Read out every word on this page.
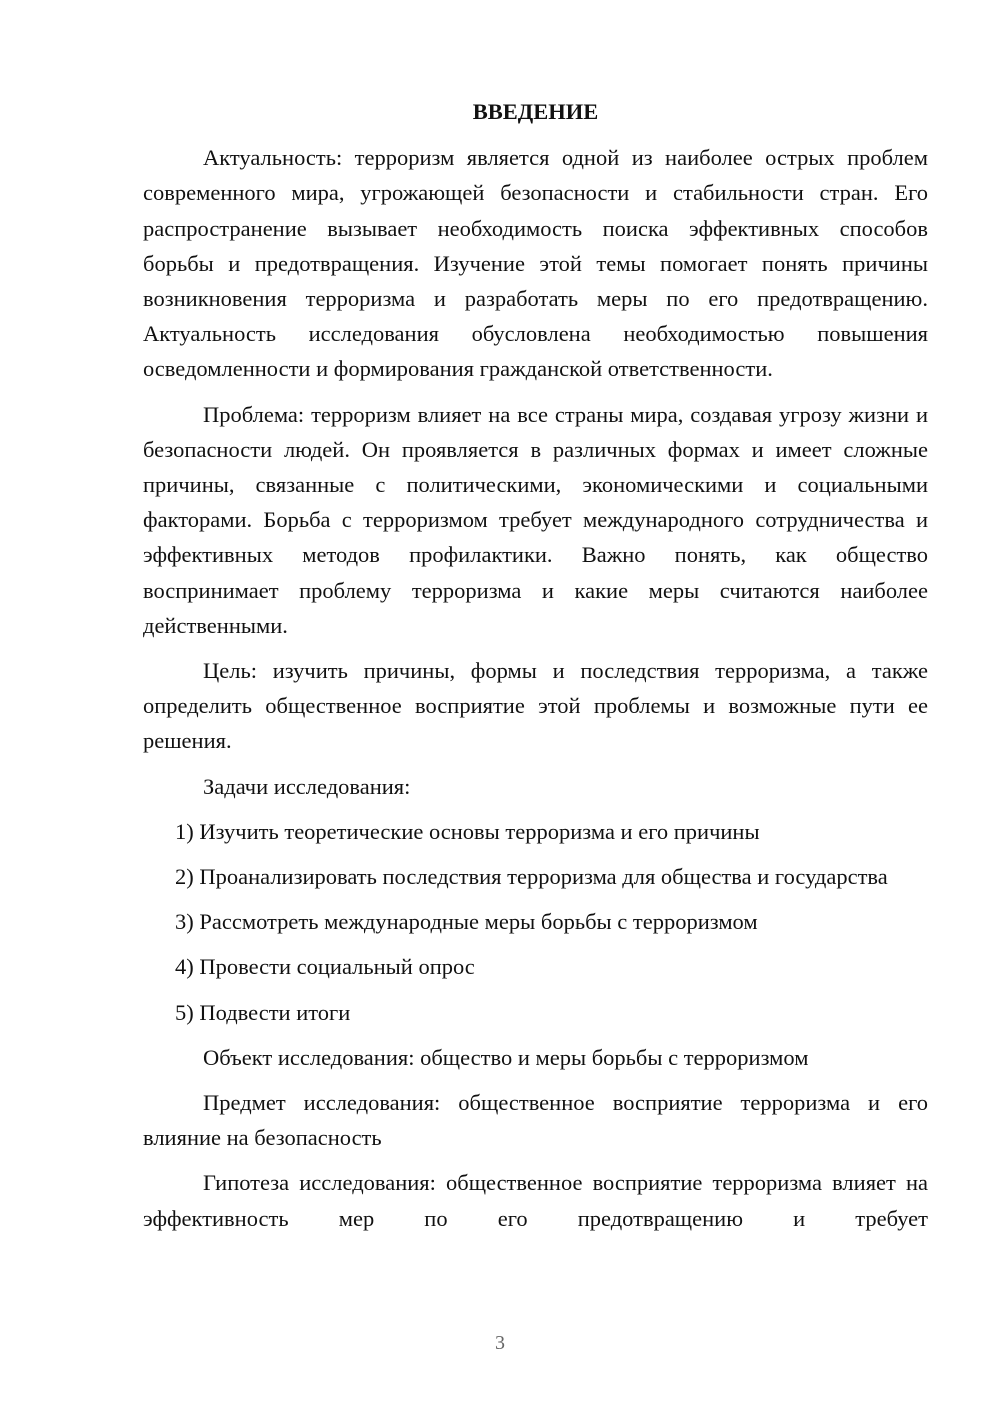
ВВЕДЕНИЕ

Актуальность: терроризм является одной из наиболее острых проблем современного мира, угрожающей безопасности и стабильности стран. Его распространение вызывает необходимость поиска эффективных способов борьбы и предотвращения. Изучение этой темы помогает понять причины возникновения терроризма и разработать меры по его предотвращению. Актуальность исследования обусловлена необходимостью повышения осведомленности и формирования гражданской ответственности.

Проблема: терроризм влияет на все страны мира, создавая угрозу жизни и безопасности людей. Он проявляется в различных формах и имеет сложные причины, связанные с политическими, экономическими и социальными факторами. Борьба с терроризмом требует международного сотрудничества и эффективных методов профилактики. Важно понять, как общество воспринимает проблему терроризма и какие меры считаются наиболее действенными.

Цель: изучить причины, формы и последствия терроризма, а также определить общественное восприятие этой проблемы и возможные пути ее решения.

Задачи исследования:

1) Изучить теоретические основы терроризма и его причины

2) Проанализировать последствия терроризма для общества и государства

3) Рассмотреть международные меры борьбы с терроризмом

4) Провести социальный опрос

5) Подвести итоги

Объект исследования: общество и меры борьбы с терроризмом

Предмет исследования: общественное восприятие терроризма и его влияние на безопасность

Гипотеза исследования: общественное восприятие терроризма влияет на эффективность мер по его предотвращению и требует

3
